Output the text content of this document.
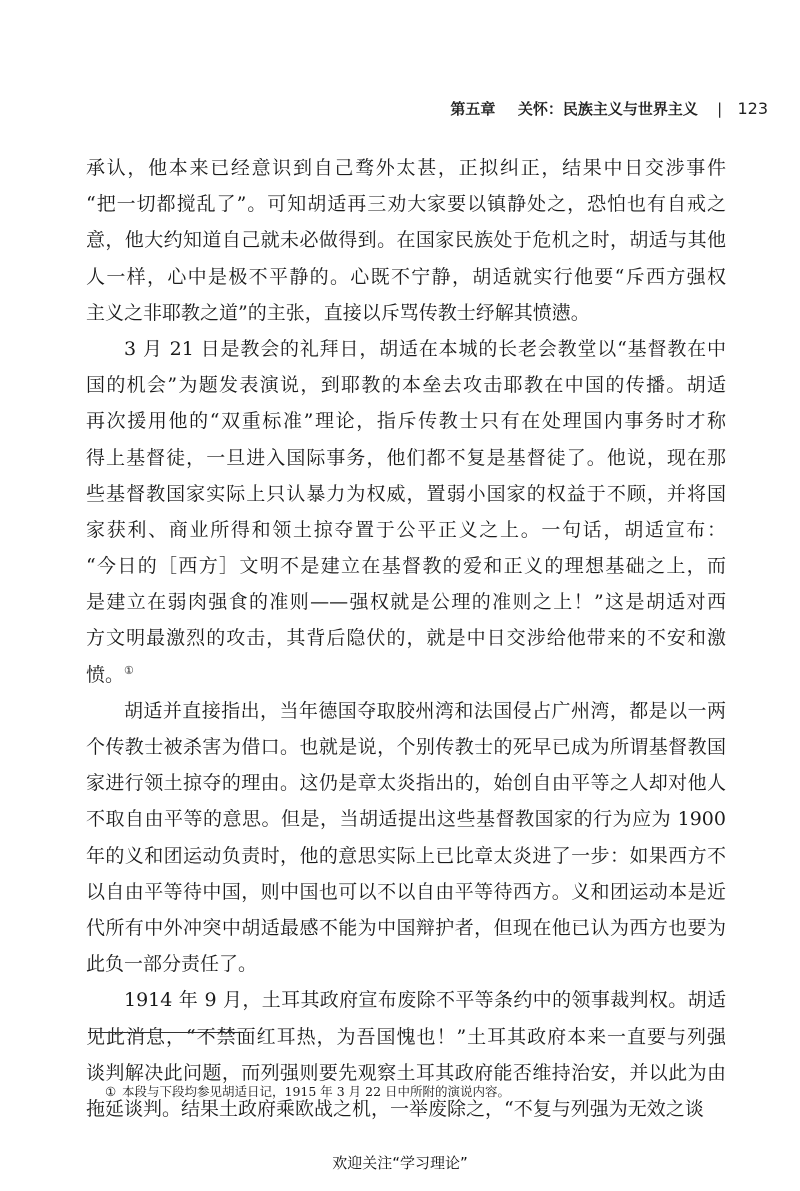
第五章 关怀：民族主义与世界主义 | 123
承认，他本来已经意识到自己骛外太甚，正拟纠正，结果中日交涉事件
“把一切都搅乱了”。可知胡适再三劝大家要以镇静处之，恐怕也有自戒之
意，他大约知道自己就未必做得到。在国家民族处于危机之时，胡适与其他
人一样，心中是极不平静的。心既不宁静，胡适就实行他要“斥西方强权
主义之非耶教之道”的主张，直接以斥骂传教士纾解其愤懑。
3 月 21 日是教会的礼拜日，胡适在本城的长老会教堂以“基督教在中
国的机会”为题发表演说，到耶教的本垒去攻击耶教在中国的传播。胡适
再次援用他的“双重标准”理论，指斥传教士只有在处理国内事务时才称
得上基督徒，一旦进入国际事务，他们都不复是基督徒了。他说，现在那
些基督教国家实际上只认暴力为权威，置弱小国家的权益于不顾，并将国
家获利、商业所得和领土掠夺置于公平正义之上。一句话，胡适宣布：
“今日的［西方］文明不是建立在基督教的爱和正义的理想基础之上，而
是建立在弱肉强食的准则——强权就是公理的准则之上！”这是胡适对西
方文明最激烈的攻击，其背后隐伏的，就是中日交涉给他带来的不安和激
愤。①
胡适并直接指出，当年德国夺取胶州湾和法国侵占广州湾，都是以一两
个传教士被杀害为借口。也就是说，个别传教士的死早已成为所谓基督教国
家进行领土掠夺的理由。这仍是章太炎指出的，始创自由平等之人却对他人
不取自由平等的意思。但是，当胡适提出这些基督教国家的行为应为 1900
年的义和团运动负责时，他的意思实际上已比章太炎进了一步：如果西方不
以自由平等待中国，则中国也可以不以自由平等待西方。义和团运动本是近
代所有中外冲突中胡适最感不能为中国辩护者，但现在他已认为西方也要为
此负一部分责任了。
1914 年 9 月，土耳其政府宣布废除不平等条约中的领事裁判权。胡适
见此消息，“不禁面红耳热，为吾国愧也！”土耳其政府本来一直要与列强
谈判解决此问题，而列强则要先观察土耳其政府能否维持治安，并以此为由
拖延谈判。结果土政府乘欧战之机，一举废除之，“不复与列强为无效之谈
① 本段与下段均参见胡适日记，1915 年 3 月 22 日中所附的演说内容。
欢迎关注“学习理论”
